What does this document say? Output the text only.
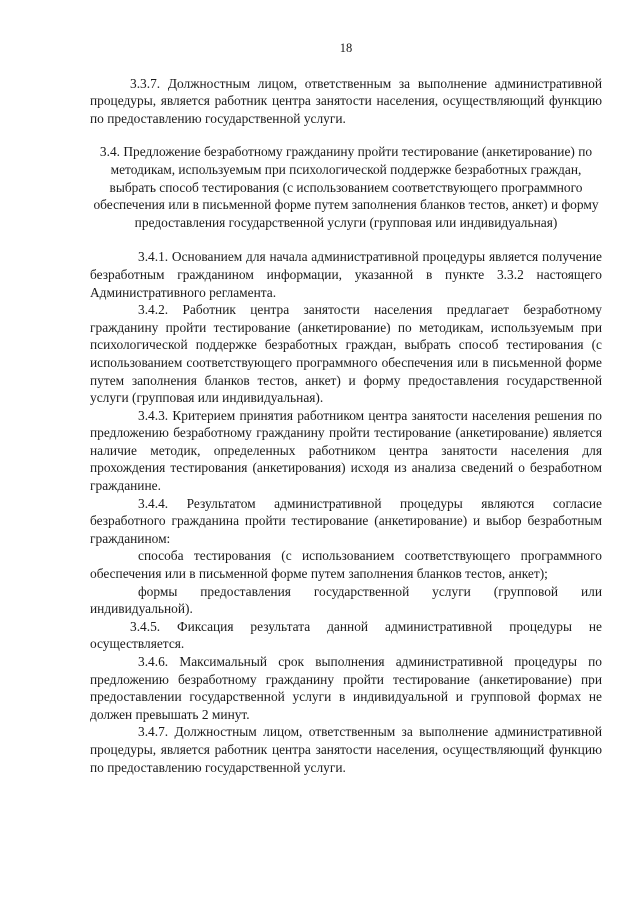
18

3.3.7. Должностным лицом, ответственным за выполнение административной процедуры, является работник центра занятости населения, осуществляющий функцию по предоставлению государственной услуги.

3.4. Предложение безработному гражданину пройти тестирование (анкетирование) по методикам, используемым при психологической поддержке безработных граждан, выбрать способ тестирования (с использованием соответствующего программного обеспечения или в письменной форме путем заполнения бланков тестов, анкет) и форму предоставления государственной услуги (групповая или индивидуальная)

3.4.1. Основанием для начала административной процедуры является получение безработным гражданином информации, указанной в пункте 3.3.2 настоящего Административного регламента.

3.4.2. Работник центра занятости населения предлагает безработному гражданину пройти тестирование (анкетирование) по методикам, используемым при психологической поддержке безработных граждан, выбрать способ тестирования (с использованием соответствующего программного обеспечения или в письменной форме путем заполнения бланков тестов, анкет) и форму предоставления государственной услуги (групповая или индивидуальная).

3.4.3. Критерием принятия работником центра занятости населения решения по предложению безработному гражданину пройти тестирование (анкетирование) является наличие методик, определенных работником центра занятости населения для прохождения тестирования (анкетирования) исходя из анализа сведений о безработном гражданине.

3.4.4. Результатом административной процедуры являются согласие безработного гражданина пройти тестирование (анкетирование) и выбор безработным гражданином:

способа тестирования (с использованием соответствующего программного обеспечения или в письменной форме путем заполнения бланков тестов, анкет);

формы предоставления государственной услуги (групповой или индивидуальной).

3.4.5. Фиксация результата данной административной процедуры не осуществляется.

3.4.6. Максимальный срок выполнения административной процедуры по предложению безработному гражданину пройти тестирование (анкетирование) при предоставлении государственной услуги в индивидуальной и групповой формах не должен превышать 2 минут.

3.4.7. Должностным лицом, ответственным за выполнение административной процедуры, является работник центра занятости населения, осуществляющий функцию по предоставлению государственной услуги.
